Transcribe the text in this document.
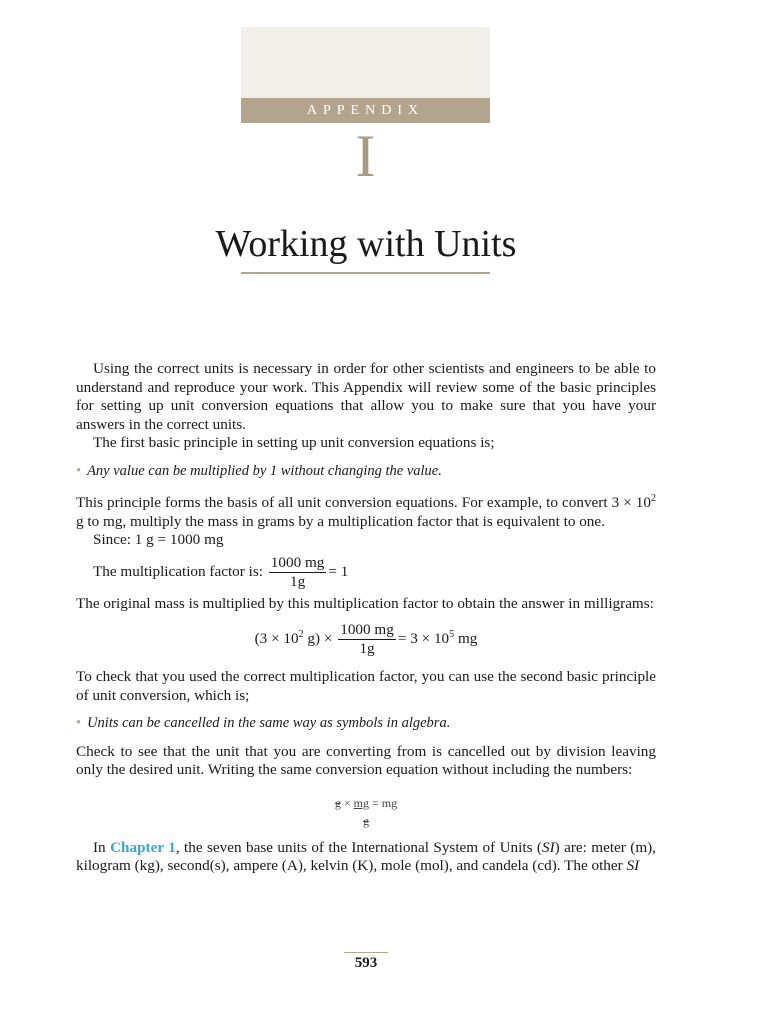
APPENDIX
I
Working with Units

Using the correct units is necessary in order for other scientists and engineers to be able to understand and reproduce your work. This Appendix will review some of the basic principles for setting up unit conversion equations that allow you to make sure that you have your answers in the correct units.

The first basic principle in setting up unit conversion equations is;

• Any value can be multiplied by 1 without changing the value.

This principle forms the basis of all unit conversion equations. For example, to convert $3 \times 10^2$ g to mg, multiply the mass in grams by a multiplication factor that is equivalent to one.

Since: 1 g = 1000 mg

The multiplication factor is: $\frac{1000 mg}{1g} = 1$

The original mass is multiplied by this multiplication factor to obtain the answer in milligrams:

($3 \times 10^2$ $g) \times \frac{1000 mg}{1g} = 3 \times 10^5$ mg

To check that you used the correct multiplication factor, you can use the second basic principle of unit conversion, which is;

• Units can be cancelled in the same way as symbols in algebra.

Check to see that the unit that you are converting from is cancelled out by division leaving only the desired unit. Writing the same conversion equation without including the numbers:

g × mg = mg
g

In Chapter 1, the seven base units of the International System of Units (SI) are: meter (m), kilogram (kg), second(s), ampere (A), kelvin (K), mole (mol), and candela (cd). The other SI

593
